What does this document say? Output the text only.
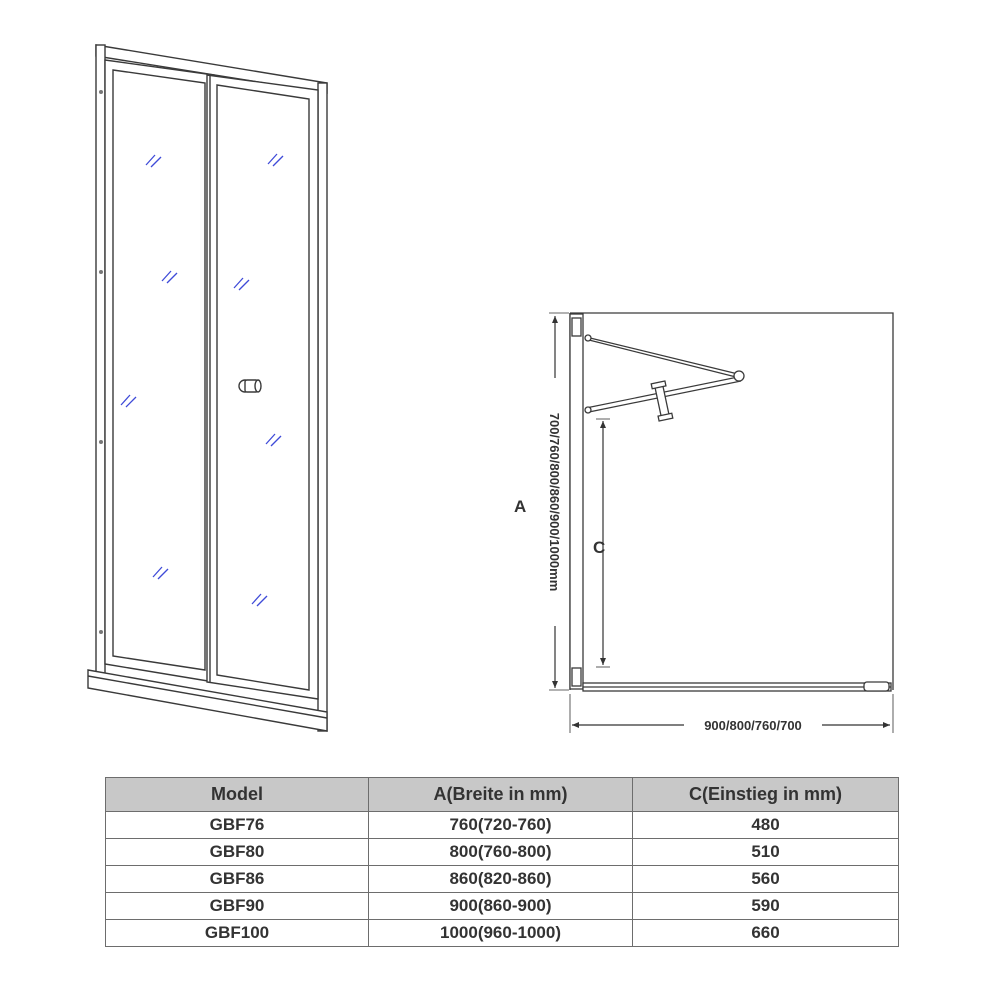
A
C
900/800/760/700
700/760/800/860/900/1000mm
Model	A(Breite in mm)	C(Einstieg in mm)
GBF76	760(720-760)	480
GBF80	800(760-800)	510
GBF86	860(820-860)	560
GBF90	900(860-900)	590
GBF100	1000(960-1000)	660
